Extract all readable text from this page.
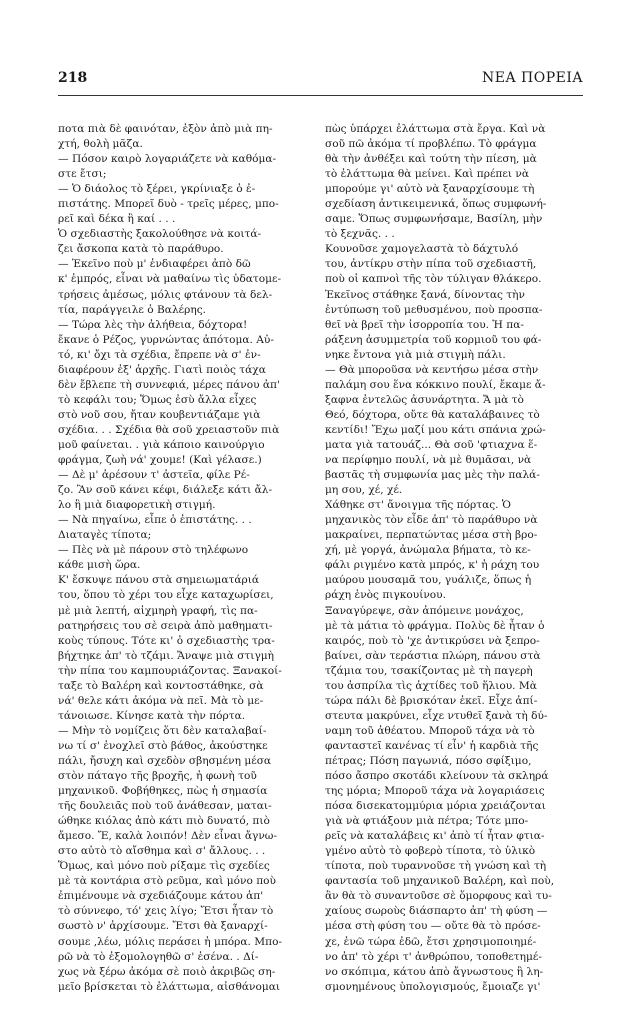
218	ΝΕΑ ΠΟΡΕΙΑ

ποτα πιὰ δὲ φαινόταν, ἐξὸν ἀπὸ μιὰ πη-

χτή, θολὴ μᾶζα.

— Πόσον καιρὸ λογαριάζετε νὰ καθόμα-

στε ἔτσι;

— Ὁ διάολος τὸ ξέρει, γκρίνιαξε ὁ ἐ-

πιστάτης. Μπορεῖ δυὸ - τρεῖς μέρες, μπο-

ρεῖ καὶ δέκα ἢ καί . . .

Ὁ σχεδιαστὴς ξακολούθησε νὰ κοιτά-

ζει ἄσκοπα κατὰ τὸ παράθυρο.

— Ἐκεῖνο ποὺ μ' ἐνδιαφέρει ἀπὸ δῶ

κ' ἐμπρός, εἶναι νὰ μαθαίνω τὶς ὑδατομε-

τρήσεις ἀμέσως, μόλις φτάνουν τὰ δελ-

τία, παράγγειλε ὁ Βαλέρης.

— Τώρα λὲς τὴν ἀλήθεια, δόχτορα!

ἔκανε ὁ Ρέζος, γυρνώντας ἀπότομα. Αὐ-

τό, κι' ὄχι τὰ σχέδια, ἔπρεπε νὰ σ' ἐν-

διαφέρουν ἐξ' ἀρχῆς. Γιατὶ ποιὸς τάχα

δὲν ἔβλεπε τὴ συννεφιά, μέρες πάνου ἀπ'

τὸ κεφάλι του; Ὅμως ἐσὺ ἄλλα εἶχες

στὸ νοῦ σου, ἤταν κουβεντιάζαμε γιὰ

σχέδια. . . Σχέδια θὰ σοῦ χρειαστοῦν πιὰ

μοῦ φαίνεται. . γιὰ κάποιο καινούργιο

φράγμα, ζωὴ νά' χουμε! (Καὶ γέλασε.)

— Δὲ μ' ἀρέσουν τ' ἀστεῖα, φίλε Ρέ-

ζο. Ἂν σοῦ κάνει κέφι, διάλεξε κάτι ἄλ-

λο ἢ μιὰ διαφορετικὴ στιγμή.

— Νὰ πηγαίνω, εἶπε ὁ ἐπιστάτης. . .

Διαταγὲς τίποτα;

— Πὲς νὰ μὲ πάρουν στὸ τηλέφωνο

κάθε μισὴ ὥρα.

Κ' ἔσκυψε πάνου στὰ σημειωματάριά

του, ὅπου τὸ χέρι του εἶχε καταχωρίσει,

μὲ μιὰ λεπτή, αἰχμηρὴ γραφή, τὶς πα-

ρατηρήσεις του σὲ σειρὰ ἀπὸ μαθηματι-

κοὺς τύπους. Τότε κι' ὁ σχεδιαστὴς τρα-

βήχτηκε ἀπ' τὸ τζάμι. Ἄναψε μιὰ στιγμὴ

τὴν πίπα του καμπουριάζοντας. Ξανακοί-

ταξε τὸ Βαλέρη καὶ κοντοστάθηκε, σὰ

νά' θελε κάτι ἀκόμα νὰ πεῖ. Μὰ τὸ με-

τάνοιωσε. Κίνησε κατὰ τὴν πόρτα.

— Μὴν τὸ νομίζεις ὅτι δὲν καταλαβαί-

νω τί σ' ἐνοχλεῖ στὸ βάθος, ἀκούστηκε

πάλι, ἤσυχη καὶ σχεδὸν σβησμένη μέσα

στὸν πάταγο τῆς βροχῆς, ἡ φωνὴ τοῦ

μηχανικοῦ. Φοβήθηκες, πὼς ἡ σημασία

τῆς δουλειᾶς ποὺ τοῦ ἀνάθεσαν, μαται-

ώθηκε κιόλας ἀπὸ κάτι πιὸ δυνατό, πιὸ

ἄμεσο. Ἔ, καλὰ λοιπόν! Δὲν εἶναι ἄγνω-

στο αὐτὸ τὸ αἴσθημα καὶ σ' ἄλλους. . .

Ὅμως, καὶ μόνο ποὺ ρίξαμε τὶς σχεδίες

μὲ τὰ κοντάρια στὸ ρεῦμα, καὶ μόνο ποὺ

ἐπιμένουμε νὰ σχεδιάζουμε κάτου ἀπ'

τὸ σύννεφο, τό' χεις λίγο; Ἔτσι ἦταν τὸ

σωστὸ ν' ἀρχίσουμε. Ἔτσι θὰ ξαναρχί-

σουμε ,λέω, μόλις περάσει ἡ μπόρα. Μπο-

ρῶ νὰ τὸ ἐξομολογηθῶ σ' ἐσένα. . Δί-

χως νὰ ξέρω ἀκόμα σὲ ποιὸ ἀκριβῶς ση-

μεῖο βρίσκεται τὸ ἐλάττωμα, αἰσθάνομαι

πὼς ὑπάρχει ἐλάττωμα στὰ ἔργα. Καὶ νὰ

σοῦ πῶ ἀκόμα τί προβλέπω. Τὸ φράγμα

θὰ τὴν ἀνθέξει καὶ τούτη τὴν πίεση, μὰ

τὸ ἐλάττωμα θὰ μείνει. Καὶ πρέπει νὰ

μπορούμε γι' αὐτὸ νὰ ξαναρχίσουμε τὴ

σχεδίαση ἀντικειμενικά, ὅπως συμφωνή-

σαμε. Ὅπως συμφωνήσαμε, Βασίλη, μὴν

τὸ ξεχνᾶς. . .

Κουνοῦσε χαμογελαστὰ τὸ δάχτυλό

του, ἀντίκρυ στὴν πίπα τοῦ σχεδιαστῆ,

ποὺ οἱ καπνοὶ τῆς τὸν τύλιγαν θλάκερο.

Ἐκεῖνος στάθηκε ξανά, δίνοντας τὴν

ἐντύπωση τοῦ μεθυσμένου, ποὺ προσπα-

θεῖ νὰ βρεῖ τὴν ἰσορροπία του. Ἡ πα-

ράξενη ἀσυμμετρία τοῦ κορμιοῦ του φά-

νηκε ἔντονα γιὰ μιὰ στιγμὴ πάλι.

— Θὰ μποροῦσα νὰ κεντήσω μέσα στὴν

παλάμη σου ἕνα κόκκινο πουλί, ἔκαμε ἄ-

ξαφνα ἐντελῶς ἀσυνάρτητα. Ἄ μὰ τὸ

Θεό, δόχτορα, οὔτε θὰ καταλάβαινες τὸ

κεντίδι! Ἔχω μαζί μου κάτι σπάνια χρώ-

ματα γιὰ τατουάζ... Θὰ σοῦ 'φτιαχνα ἕ-

να περίφημο πουλί, νὰ μὲ θυμᾶσαι, νὰ

βαστᾶς τὴ συμφωνία μας μὲς τὴν παλά-

μη σου, χέ, χέ.

Χάθηκε στ' ἄνοιγμα τῆς πόρτας. Ὁ

μηχανικὸς τὸν εἶδε ἀπ' τὸ παράθυρο νὰ

μακραίνει, περπατώντας μέσα στὴ βρο-

χή, μὲ γοργά, ἀνώμαλα βήματα, τὸ κε-

φάλι ριγμένο κατὰ μπρός, κ' ἡ ράχη του

μαύρου μουσαμᾶ του, γυάλιζε, ὅπως ἡ

ράχη ἑνὸς πιγκουίνου.

Ξαναγύρεψε, σὰν ἀπόμεινε μονάχος,

μὲ τὰ μάτια τὸ φράγμα. Πολὺς δὲ ἦταν ὁ

καιρός, ποὺ τὸ 'χε ἀντικρύσει νὰ ξεπρο-

βαίνει, σὰν τεράστια πλώρη, πάνου στὰ

τζάμια του, τσακίζοντας μὲ τὴ παγερὴ

του ἀσπρίλα τὶς ἀχτίδες τοῦ ἥλιου. Μὰ

τώρα πάλι δὲ βρισκόταν ἐκεῖ. Εἶχε ἀπί-

στευτα μακρύνει, εἶχε ντυθεῖ ξανὰ τὴ δύ-

ναμη τοῦ ἀθέατου. Μποροῦ τάχα νὰ τὸ

φανταστεῖ κανένας τί εἶν' ἡ καρδιὰ τῆς

πέτρας; Πόση παγωνιά, πόσο σφίξιμο,

πόσο ἄσπρο σκοτάδι κλείνουν τὰ σκληρά

της μόρια; Μποροῦ τάχα νὰ λογαριάσεις

πόσα δισεκατομμύρια μόρια χρειάζονται

γιὰ νὰ φτιάξουν μιὰ πέτρα; Τότε μπο-

ρεῖς νὰ καταλάβεις κι' ἀπὸ τί ἦταν φτια-

γμένο αὐτὸ τὸ φοβερὸ τίποτα, τὸ ὑλικὸ

τίποτα, ποὺ τυραννοῦσε τὴ γνώση καὶ τὴ

φαντασία τοῦ μηχανικοῦ Βαλέρη, καὶ ποὺ,

ἂν θὰ τὸ συναντοῦσε σὲ ὅμορφους καὶ τυ-

χαίους σωροὺς διάσπαρτο ἀπ' τὴ φύση —

μέσα στὴ φύση του — οὔτε θὰ τὸ πρόσε-

χε, ἐνῶ τώρα ἐδῶ, ἔτσι χρησιμοποιημέ-

νο ἀπ' τὸ χέρι τ' ἀνθρώπου, τοποθετημέ-

νο σκόπιμα, κάτου ἀπὸ ἄγνωστους ἢ λη-

σμονημένους ὑπολογισμούς, ἔμοιαζε γι'
